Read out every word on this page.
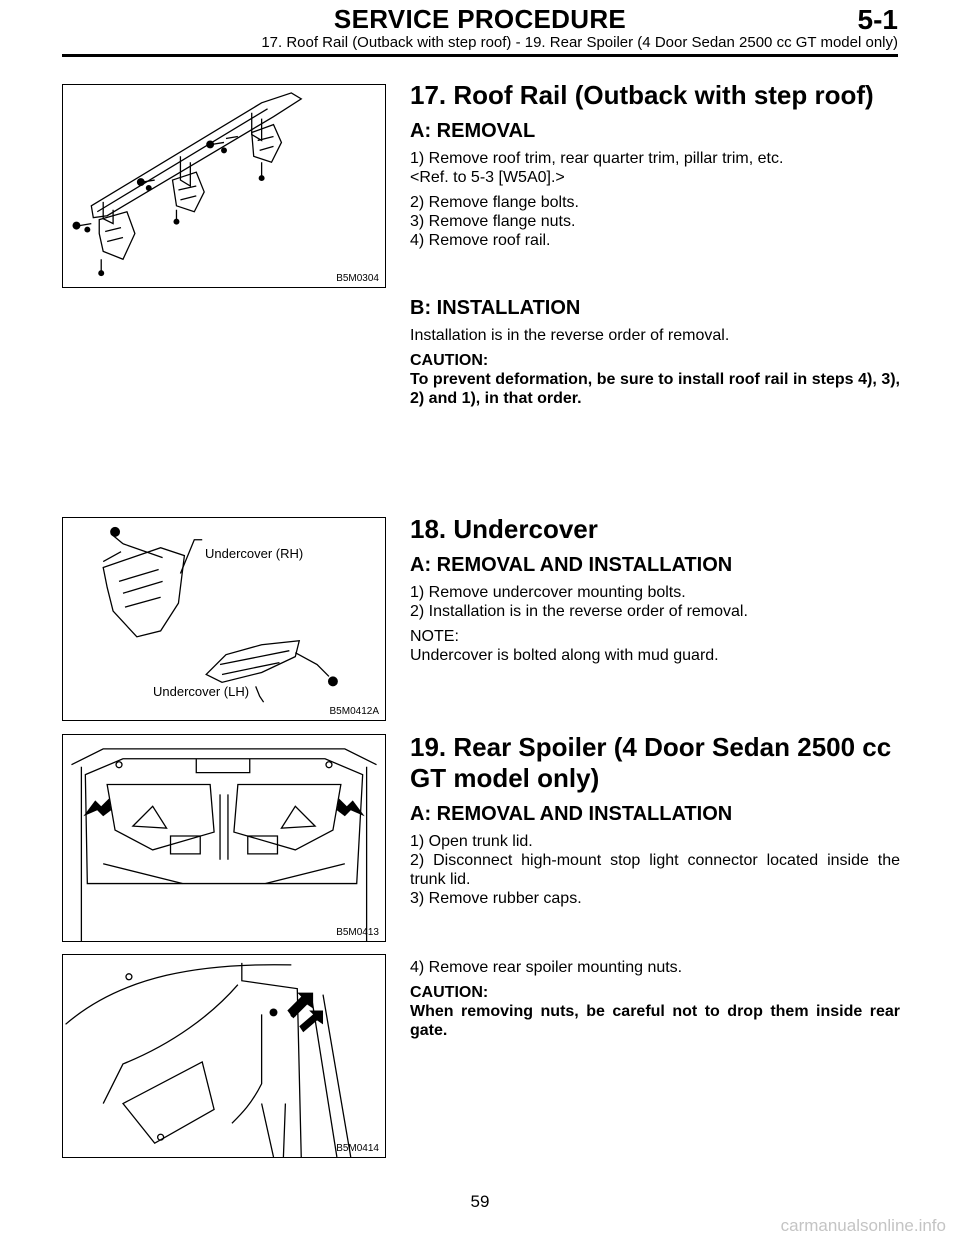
SERVICE PROCEDURE	5-1
17. Roof Rail (Outback with step roof) - 19. Rear Spoiler (4 Door Sedan 2500 cc GT model only)
B5M0304
17. Roof Rail (Outback with step roof)
A: REMOVAL
1) Remove roof trim, rear quarter trim, pillar trim, etc.
<Ref. to 5-3 [W5A0].>
2) Remove flange bolts.
3) Remove flange nuts.
4) Remove roof rail.
B: INSTALLATION
Installation is in the reverse order of removal.
CAUTION:
To prevent deformation, be sure to install roof rail in steps 4), 3), 2) and 1), in that order.
Undercover (RH)
Undercover (LH)
B5M0412A
18. Undercover
A: REMOVAL AND INSTALLATION
1) Remove undercover mounting bolts.
2) Installation is in the reverse order of removal.
NOTE:
Undercover is bolted along with mud guard.
B5M0413
19. Rear Spoiler (4 Door Sedan 2500 cc
GT model only)
A: REMOVAL AND INSTALLATION
1) Open trunk lid.
2) Disconnect high-mount stop light connector located inside the trunk lid.
3) Remove rubber caps.
B5M0414
4) Remove rear spoiler mounting nuts.
CAUTION:
When removing nuts, be careful not to drop them inside rear gate.
59
carmanualsonline.info
